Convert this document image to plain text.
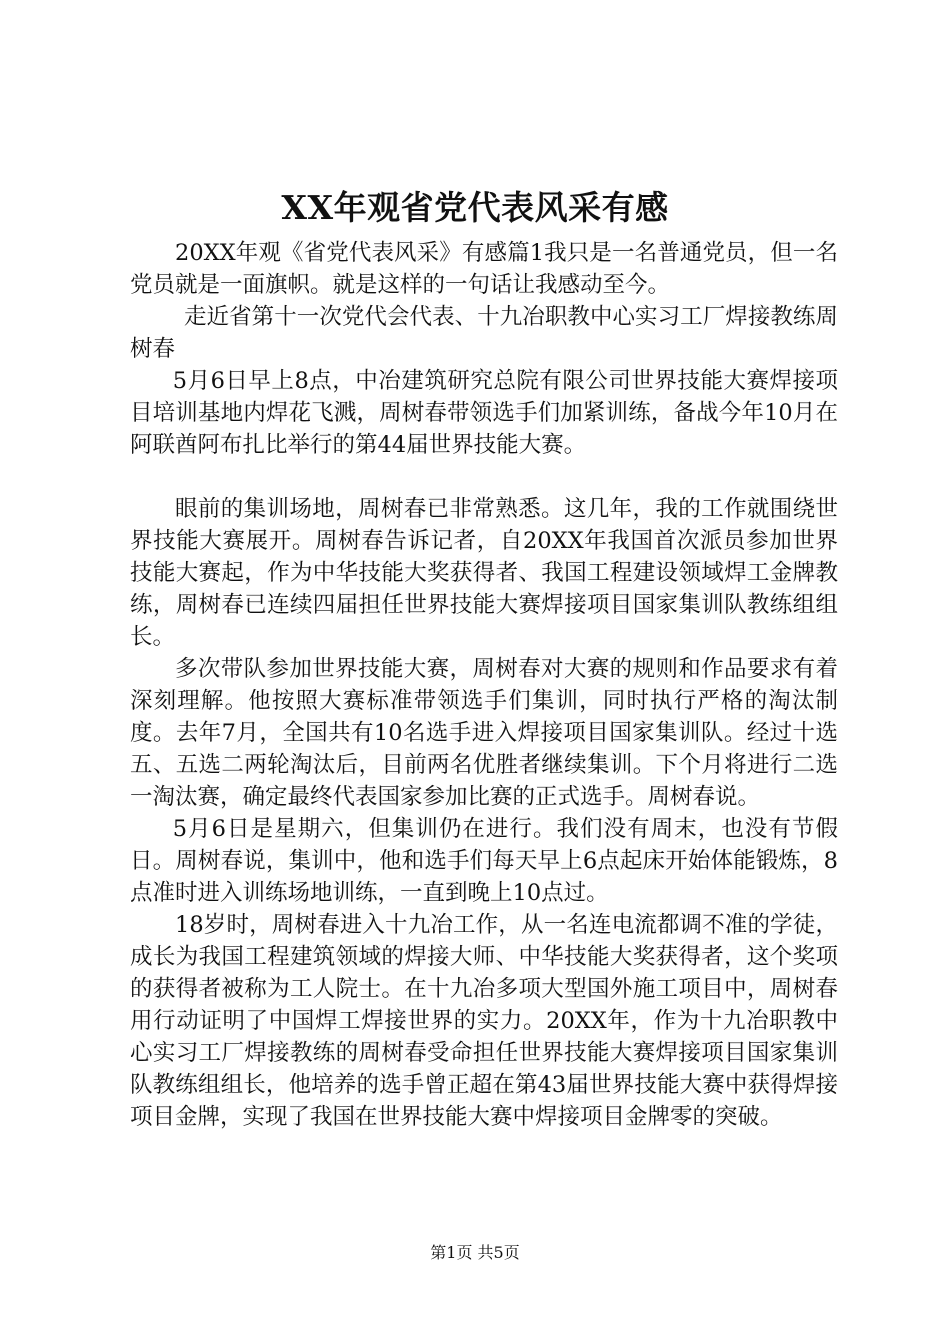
XX年观省党代表风采有感

20XX年观《省党代表风采》有感篇1我只是一名普通党员，但一名党员就是一面旗帜。就是这样的一句话让我感动至今。

走近省第十一次党代会代表、十九冶职教中心实习工厂焊接教练周树春

5月6日早上8点，中冶建筑研究总院有限公司世界技能大赛焊接项目培训基地内焊花飞溅，周树春带领选手们加紧训练，备战今年10月在阿联酋阿布扎比举行的第44届世界技能大赛。

眼前的集训场地，周树春已非常熟悉。这几年，我的工作就围绕世界技能大赛展开。周树春告诉记者，自20XX年我国首次派员参加世界技能大赛起，作为中华技能大奖获得者、我国工程建设领域焊工金牌教练，周树春已连续四届担任世界技能大赛焊接项目国家集训队教练组组长。

多次带队参加世界技能大赛，周树春对大赛的规则和作品要求有着深刻理解。他按照大赛标准带领选手们集训，同时执行严格的淘汰制度。去年7月，全国共有10名选手进入焊接项目国家集训队。经过十选五、五选二两轮淘汰后，目前两名优胜者继续集训。下个月将进行二选一淘汰赛，确定最终代表国家参加比赛的正式选手。周树春说。

5月6日是星期六，但集训仍在进行。我们没有周末，也没有节假日。周树春说，集训中，他和选手们每天早上6点起床开始体能锻炼，8点准时进入训练场地训练，一直到晚上10点过。

18岁时，周树春进入十九冶工作，从一名连电流都调不准的学徒，成长为我国工程建筑领域的焊接大师、中华技能大奖获得者，这个奖项的获得者被称为工人院士。在十九冶多项大型国外施工项目中，周树春用行动证明了中国焊工焊接世界的实力。20XX年，作为十九冶职教中心实习工厂焊接教练的周树春受命担任世界技能大赛焊接项目国家集训队教练组组长，他培养的选手曾正超在第43届世界技能大赛中获得焊接项目金牌，实现了我国在世界技能大赛中焊接项目金牌零的突破。

第1页 共5页
